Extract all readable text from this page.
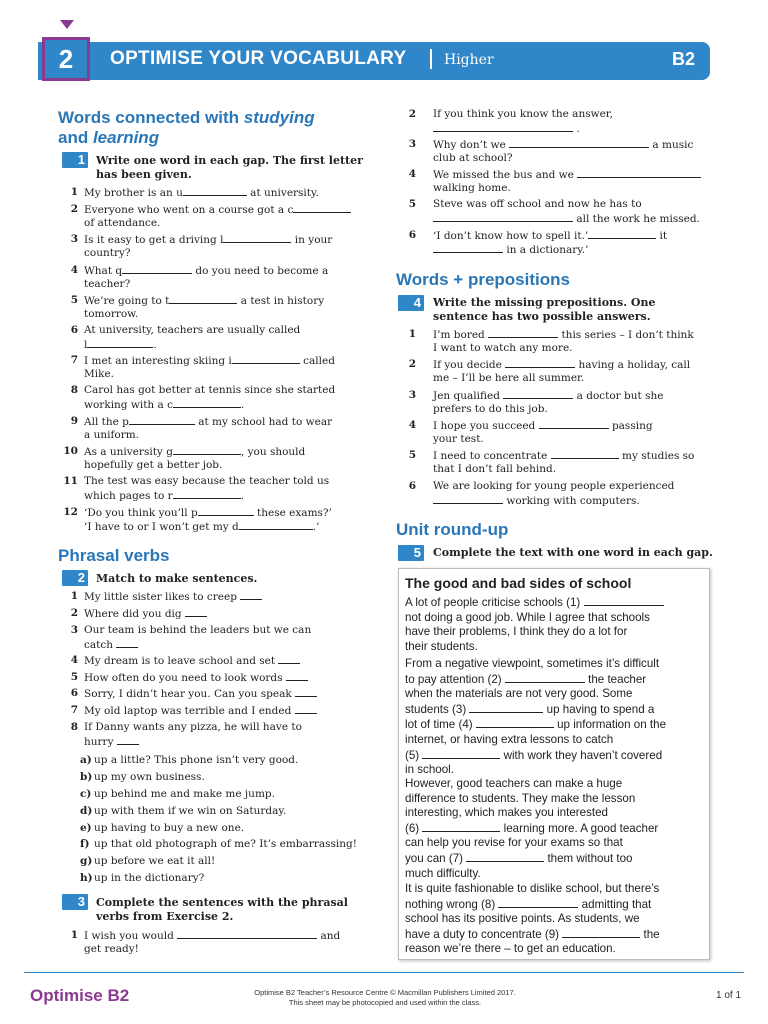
2	OPTIMISE YOUR VOCABULARY	Higher	B2
Words connected with studying
and learning
1 Write one word in each gap. The first letter
has been given.
1 My brother is an u	at university.
2 Everyone who went on a course got a c
of attendance.
3 Is it easy to get a driving l	in your
country?
4 What q	do you need to become a
teacher?
5 We’re going to t	a test in history
tomorrow.
6 At university, teachers are usually called
l	.
7 I met an interesting skiing i	called
Mike.
8 Carol has got better at tennis since she started
working with a c	.
9 All the p	at my school had to wear
a uniform.
10 As a university g	, you should
hopefully get a better job.
11 The test was easy because the teacher told us
which pages to r	.
12 ‘Do you think you’ll p	these exams?’
‘I have to or I won’t get my d	.’
Phrasal verbs
2 Match to make sentences.
1 My little sister likes to creep
2 Where did you dig
3 Our team is behind the leaders but we can
catch
4 My dream is to leave school and set
5 How often do you need to look words
6 Sorry, I didn’t hear you. Can you speak
7 My old laptop was terrible and I ended
8 If Danny wants any pizza, he will have to
hurry
a) up a little? This phone isn’t very good.
b) up my own business.
c) up behind me and make me jump.
d) up with them if we win on Saturday.
e) up having to buy a new one.
f) up that old photograph of me? It’s embarrassing!
g) up before we eat it all!
h)up in the dictionary?
3 Complete the sentences with the phrasal
verbs from Exercise 2.
1 I wish you would	and
get ready!
2 If you think you know the answer,
.
3 Why don’t we	a music
club at school?
4 We missed the bus and we
walking home.
5 Steve was off school and now he has to
all the work he missed.
6 ‘I don’t know how to spell it.’	it
in a dictionary.’
Words + prepositions
4 Write the missing prepositions. One
sentence has two possible answers.
1 I’m bored	this series – I don’t think
I want to watch any more.
2 If you decide	having a holiday, call
me – I’ll be here all summer.
3 Jen qualified	a doctor but she
prefers to do this job.
4 I hope you succeed	passing
your test.
5 I need to concentrate	my studies so
that I don’t fall behind.
6 We are looking for young people experienced
working with computers.
Unit round-up
5 Complete the text with one word in each gap.
The good and bad sides of school
A lot of people criticise schools (1)
not doing a good job. While I agree that schools
have their problems, I think they do a lot for
their students.
From a negative viewpoint, sometimes it’s difficult
to pay attention (2)	the teacher
when the materials are not very good. Some
students (3)	up having to spend a
lot of time (4)	up information on the
internet, or having extra lessons to catch
(5)	with work they haven’t covered
in school.
However, good teachers can make a huge
difference to students. They make the lesson
interesting, which makes you interested
(6)	learning more. A good teacher
can help you revise for your exams so that
you can (7)	them without too
much difficulty.
It is quite fashionable to dislike school, but there’s
nothing wrong (8)	admitting that
school has its positive points. As students, we
have a duty to concentrate (9)	the
reason we’re there – to get an education.
Optimise B2	Optimise B2 Teacher’s Resource Centre © Macmillan Publishers Limited 2017.
This sheet may be photocopied and used within the class.
1 of 1
